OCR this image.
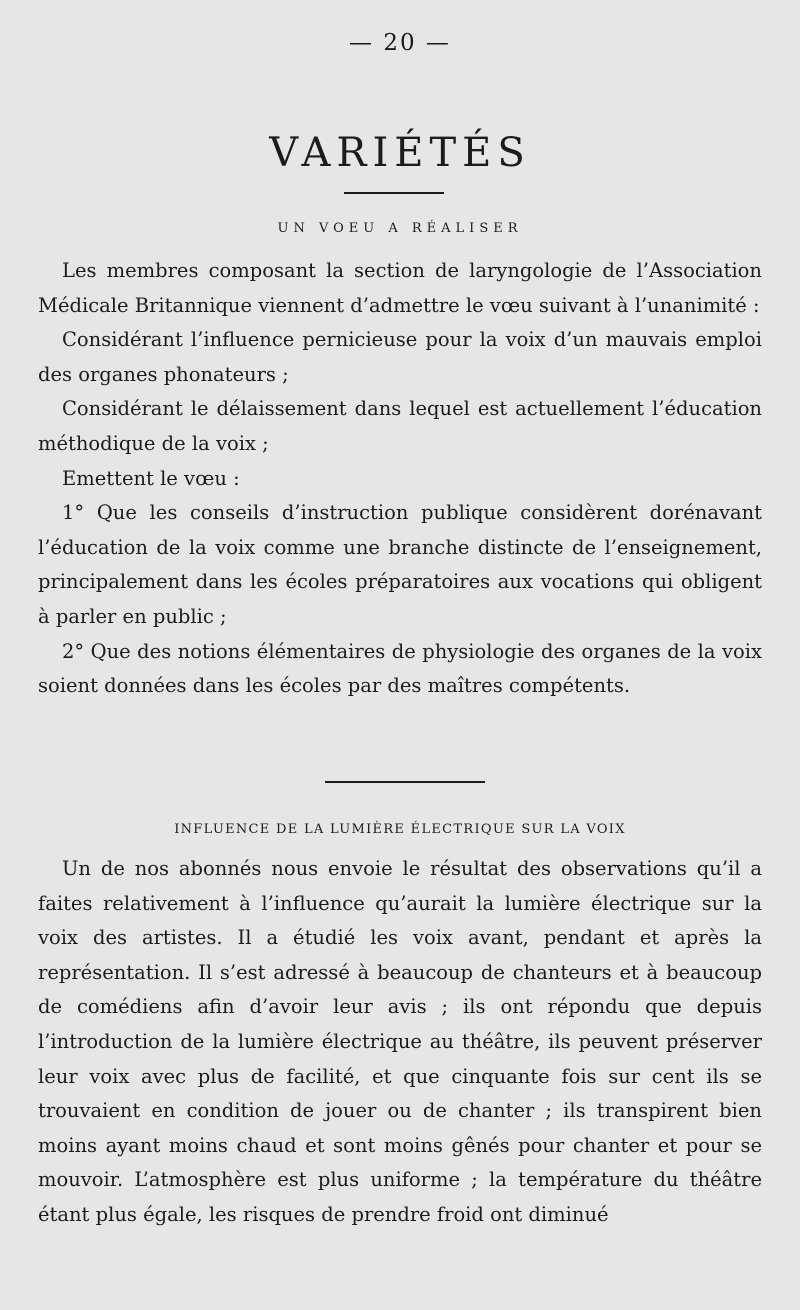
— 20 —
VARIÉTÉS
UN VOEU A RÉALISER

Les membres composant la section de laryngologie de l’Association Médicale Britannique viennent d’admettre le vœu suivant à l’unanimité :

Considérant l’influence pernicieuse pour la voix d’un mauvais emploi des organes phonateurs ;

Considérant le délaissement dans lequel est actuellement l’éducation méthodique de la voix ;

Emettent le vœu :

1° Que les conseils d’instruction publique considèrent dorénavant l’éducation de la voix comme une branche distincte de l’enseignement, principalement dans les écoles préparatoires aux vocations qui obligent à parler en public ;

2° Que des notions élémentaires de physiologie des organes de la voix soient données dans les écoles par des maîtres compétents.

INFLUENCE DE LA LUMIÈRE ÉLECTRIQUE SUR LA VOIX

Un de nos abonnés nous envoie le résultat des observations qu’il a faites relativement à l’influence qu’aurait la lumière électrique sur la voix des artistes. Il a étudié les voix avant, pendant et après la représentation. Il s’est adressé à beaucoup de chanteurs et à beaucoup de comédiens afin d’avoir leur avis ; ils ont répondu que depuis l’introduction de la lumière électrique au théâtre, ils peuvent préserver leur voix avec plus de facilité, et que cinquante fois sur cent ils se trouvaient en condition de jouer ou de chanter ; ils transpirent bien moins ayant moins chaud et sont moins gênés pour chanter et pour se mouvoir. L’atmosphère est plus uniforme ; la température du théâtre étant plus égale, les risques de prendre froid ont diminué
